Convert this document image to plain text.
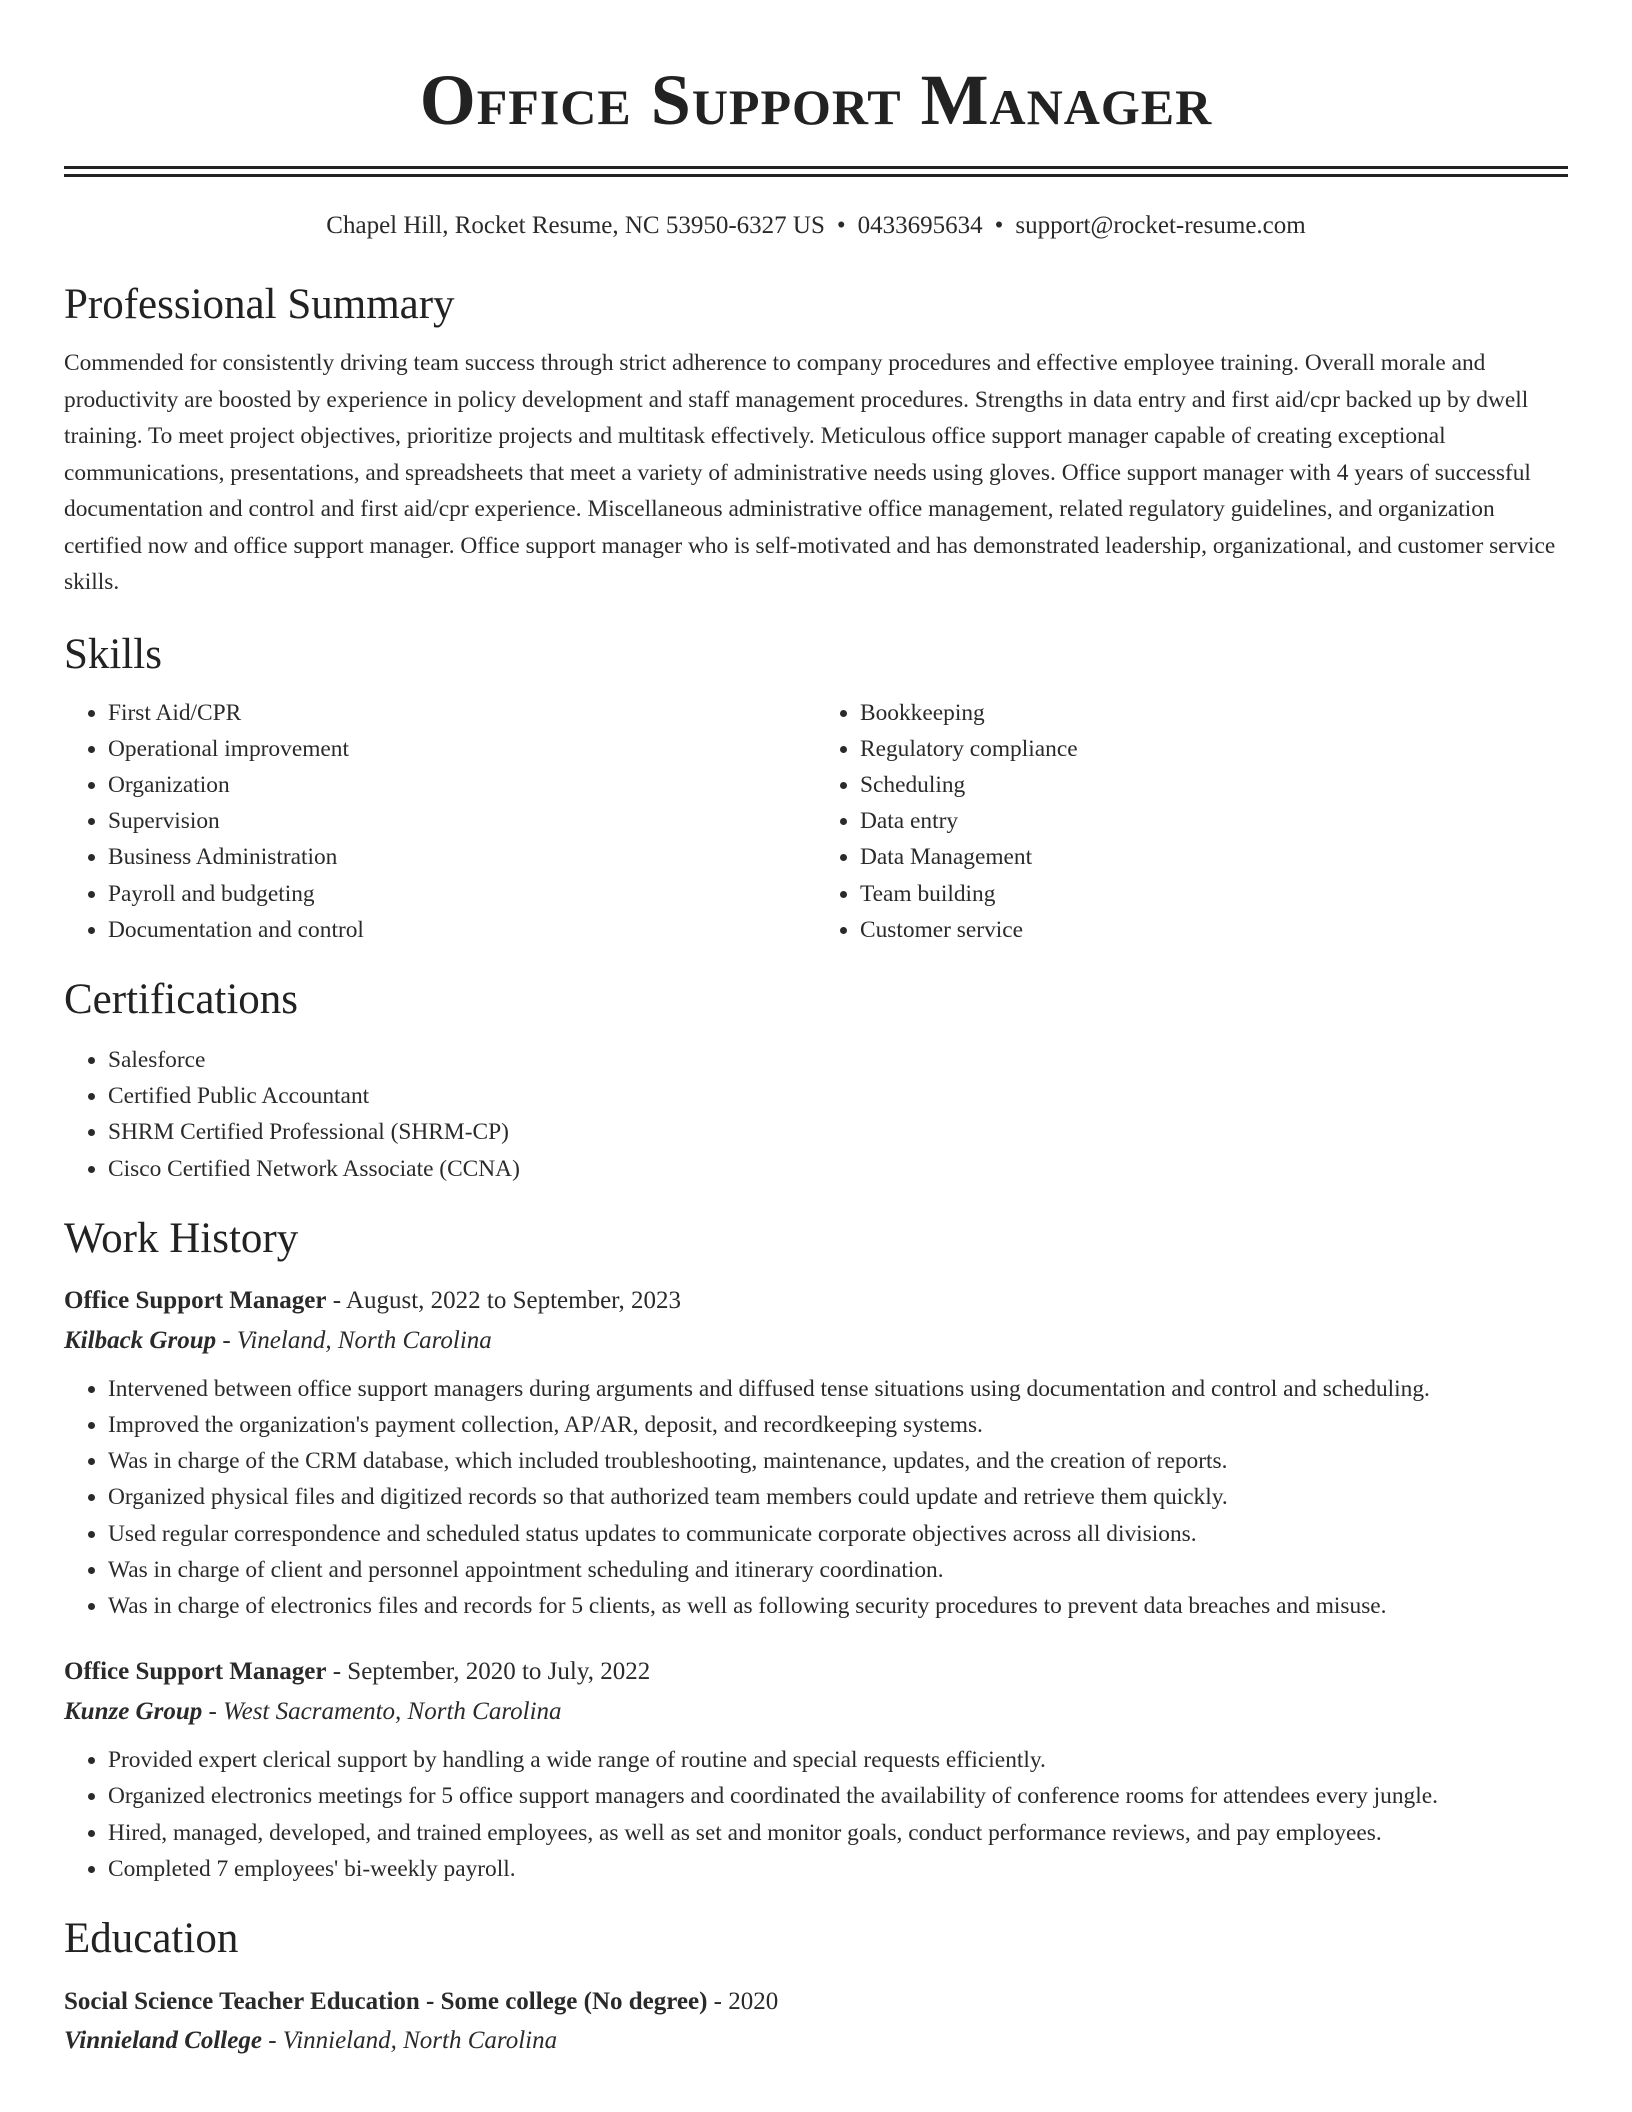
Office Support Manager
Chapel Hill, Rocket Resume, NC 53950-6327 US • 0433695634 • support@rocket-resume.com
Professional Summary

Commended for consistently driving team success through strict adherence to company procedures and effective employee training. Overall morale and productivity are boosted by experience in policy development and staff management procedures. Strengths in data entry and first aid/cpr backed up by dwell training. To meet project objectives, prioritize projects and multitask effectively. Meticulous office support manager capable of creating exceptional communications, presentations, and spreadsheets that meet a variety of administrative needs using gloves. Office support manager with 4 years of successful documentation and control and first aid/cpr experience. Miscellaneous administrative office management, related regulatory guidelines, and organization certified now and office support manager. Office support manager who is self-motivated and has demonstrated leadership, organizational, and customer service skills.

Skills
• First Aid/CPR
• Operational improvement
• Organization
• Supervision
• Business Administration
• Payroll and budgeting
• Documentation and control
• Bookkeeping
• Regulatory compliance
• Scheduling
• Data entry
• Data Management
• Team building
• Customer service
Certifications
• Salesforce
• Certified Public Accountant
• SHRM Certified Professional (SHRM-CP)
• Cisco Certified Network Associate (CCNA)
Work History
Office Support Manager - August, 2022 to September, 2023
Kilback Group - Vineland, North Carolina
• Intervened between office support managers during arguments and diffused tense situations using documentation and control and scheduling.
• Improved the organization's payment collection, AP/AR, deposit, and recordkeeping systems.
• Was in charge of the CRM database, which included troubleshooting, maintenance, updates, and the creation of reports.
• Organized physical files and digitized records so that authorized team members could update and retrieve them quickly.
• Used regular correspondence and scheduled status updates to communicate corporate objectives across all divisions.
• Was in charge of client and personnel appointment scheduling and itinerary coordination.
• Was in charge of electronics files and records for 5 clients, as well as following security procedures to prevent data breaches and misuse.
Office Support Manager - September, 2020 to July, 2022
Kunze Group - West Sacramento, North Carolina
• Provided expert clerical support by handling a wide range of routine and special requests efficiently.
• Organized electronics meetings for 5 office support managers and coordinated the availability of conference rooms for attendees every jungle.
• Hired, managed, developed, and trained employees, as well as set and monitor goals, conduct performance reviews, and pay employees.
• Completed 7 employees' bi-weekly payroll.
Education
Social Science Teacher Education - Some college (No degree) - 2020
Vinnieland College - Vinnieland, North Carolina
